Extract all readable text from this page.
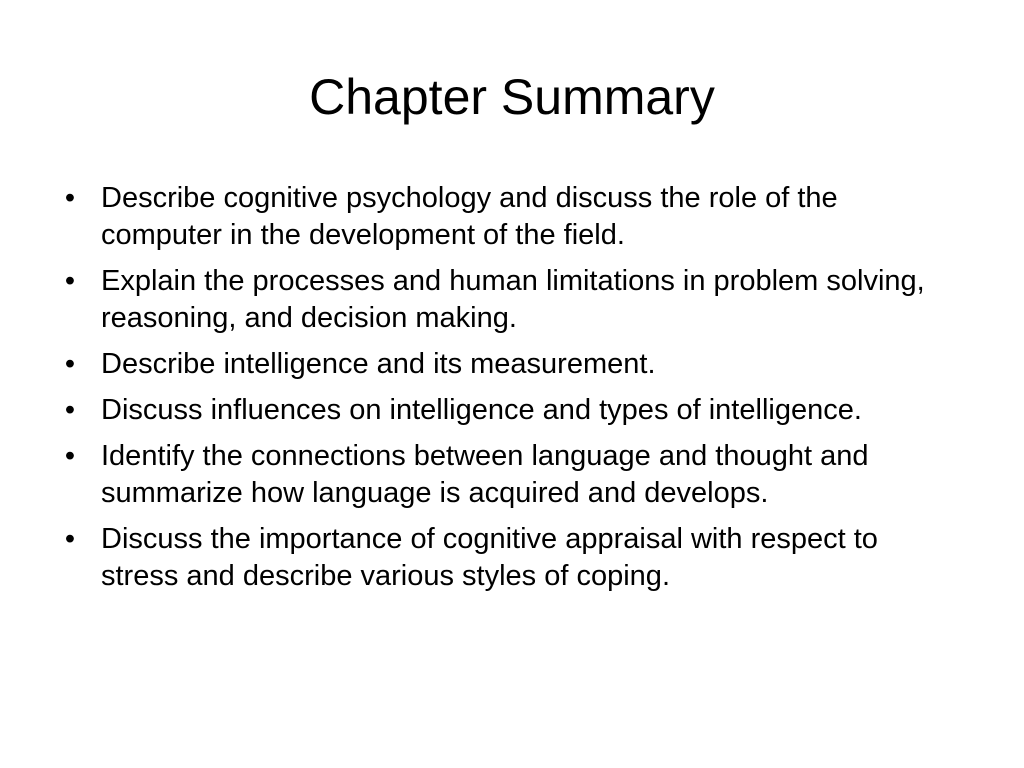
Chapter Summary
• Describe cognitive psychology and discuss the role of the computer in the development of the field.
• Explain the processes and human limitations in problem solving, reasoning, and decision making.
• Describe intelligence and its measurement.
• Discuss influences on intelligence and types of intelligence.
• Identify the connections between language and thought and summarize how language is acquired and develops.
• Discuss the importance of cognitive appraisal with respect to stress and describe various styles of coping.
